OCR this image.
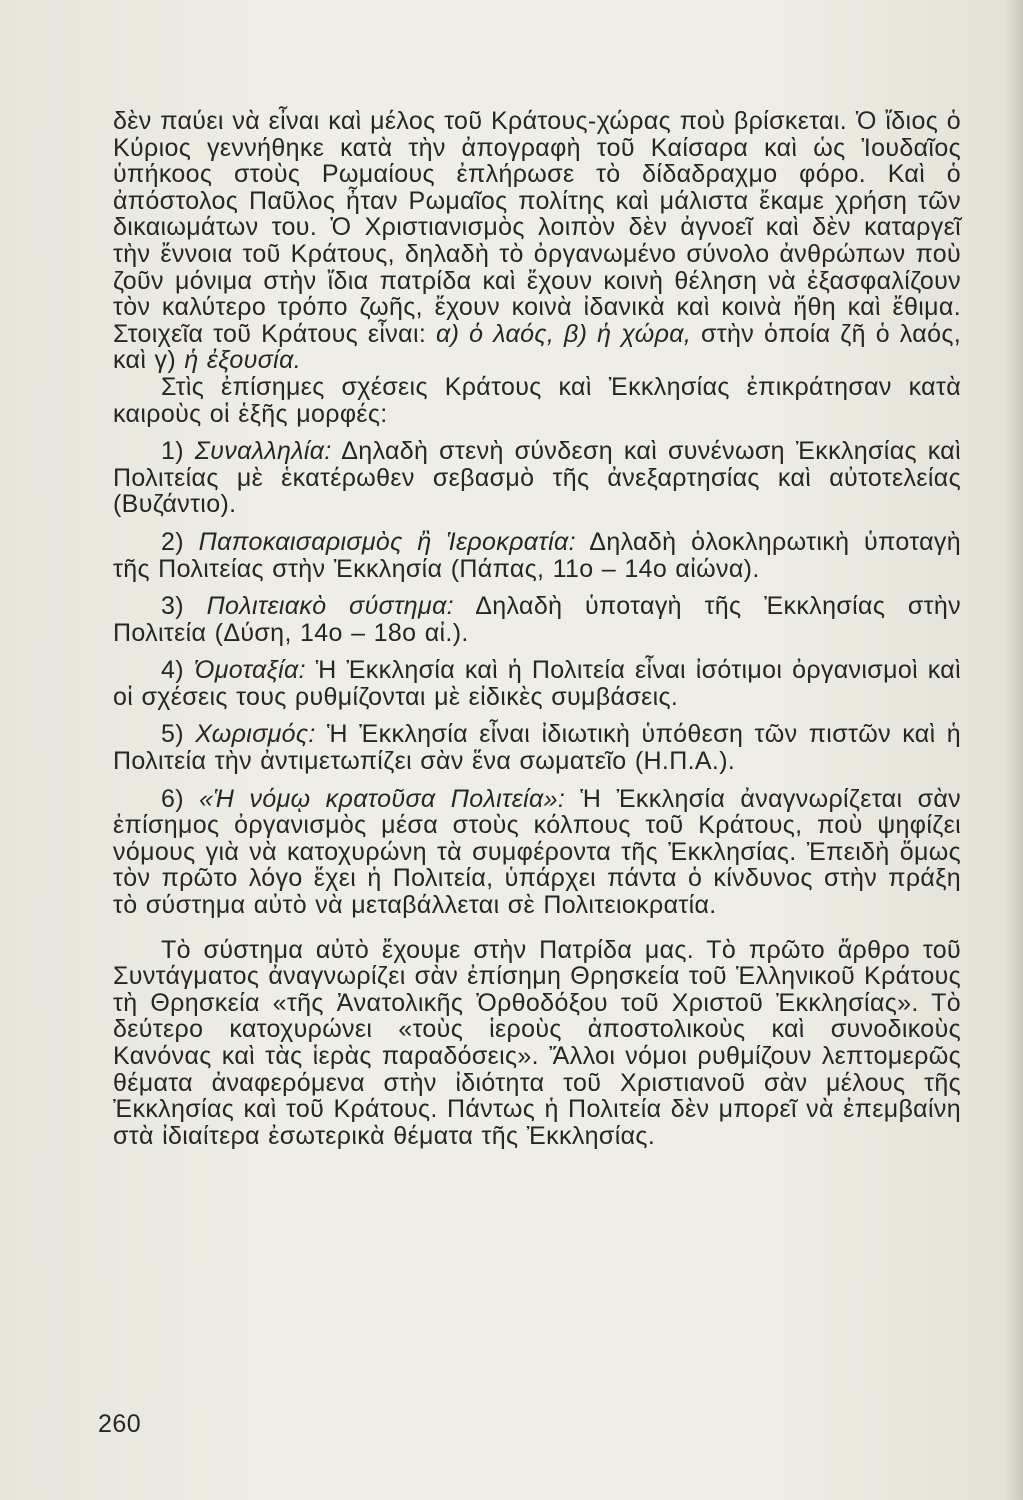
δὲν παύει νὰ εἶναι καὶ μέλος τοῦ Κράτους-χώρας ποὺ βρίσκεται. Ὁ ἴδιος ὁ Κύριος γεννήθηκε κατὰ τὴν ἀπογραφὴ τοῦ Καίσαρα καὶ ὡς Ἰουδαῖος ὑπήκοος στοὺς Ρωμαίους ἐπλήρωσε τὸ δίδαδραχμο φόρο. Καὶ ὁ ἀπόστολος Παῦλος ἦταν Ρωμαῖος πολίτης καὶ μάλιστα ἔκαμε χρήση τῶν δικαιωμάτων του. Ὁ Χριστιανισμὸς λοιπὸν δὲν ἀγνοεῖ καὶ δὲν καταργεῖ τὴν ἔννοια τοῦ Κράτους, δηλαδὴ τὸ ὀργανωμένο σύνολο ἀνθρώπων ποὺ ζοῦν μόνιμα στὴν ἴδια πατρίδα καὶ ἔχουν κοινὴ θέληση νὰ ἐξασφαλίζουν τὸν καλύτερο τρόπο ζωῆς, ἔχουν κοινὰ ἰδανικὰ καὶ κοινὰ ἤθη καὶ ἔθιμα. Στοιχεῖα τοῦ Κράτους εἶναι: α) ὁ λαός, β) ἡ χώρα, στὴν ὁποία ζῆ ὁ λαός, καὶ γ) ἡ ἐξουσία.

Στὶς ἐπίσημες σχέσεις Κράτους καὶ Ἐκκλησίας ἐπικράτησαν κατὰ καιροὺς οἱ ἑξῆς μορφές:

1) Συναλληλία: Δηλαδὴ στενὴ σύνδεση καὶ συνένωση Ἐκκλησίας καὶ Πολιτείας μὲ ἑκατέρωθεν σεβασμὸ τῆς ἀνεξαρτησίας καὶ αὐτοτελείας (Βυζάντιο).

2) Παποκαισαρισμὸς ἢ Ἱεροκρατία: Δηλαδὴ ὁλοκληρωτικὴ ὑποταγὴ τῆς Πολιτείας στὴν Ἐκκλησία (Πάπας, 11ο – 14ο αἰώνα).

3) Πολιτειακὸ σύστημα: Δηλαδὴ ὑποταγὴ τῆς Ἐκκλησίας στὴν Πολιτεία (Δύση, 14ο – 18ο αἰ.).

4) Ὁμοταξία: Ἡ Ἐκκλησία καὶ ἡ Πολιτεία εἶναι ἰσότιμοι ὀργανισμοὶ καὶ οἱ σχέσεις τους ρυθμίζονται μὲ εἰδικὲς συμβάσεις.

5) Χωρισμός: Ἡ Ἐκκλησία εἶναι ἰδιωτικὴ ὑπόθεση τῶν πιστῶν καὶ ἡ Πολιτεία τὴν ἀντιμετωπίζει σὰν ἕνα σωματεῖο (Η.Π.Α.).

6) «Ἡ νόμῳ κρατοῦσα Πολιτεία»: Ἡ Ἐκκλησία ἀναγνωρίζεται σὰν ἐπίσημος ὀργανισμὸς μέσα στοὺς κόλπους τοῦ Κράτους, ποὺ ψηφίζει νόμους γιὰ νὰ κατοχυρώνη τὰ συμφέροντα τῆς Ἐκκλησίας. Ἐπειδὴ ὅμως τὸν πρῶτο λόγο ἔχει ἡ Πολιτεία, ὑπάρχει πάντα ὁ κίνδυνος στὴν πράξη τὸ σύστημα αὐτὸ νὰ μεταβάλλεται σὲ Πολιτειοκρατία.

Τὸ σύστημα αὐτὸ ἔχουμε στὴν Πατρίδα μας. Τὸ πρῶτο ἄρθρο τοῦ Συντάγματος ἀναγνωρίζει σὰν ἐπίσημη Θρησκεία τοῦ Ἑλληνικοῦ Κράτους τὴ Θρησκεία «τῆς Ἀνατολικῆς Ὀρθοδόξου τοῦ Χριστοῦ Ἐκκλησίας». Τὸ δεύτερο κατοχυρώνει «τοὺς ἱεροὺς ἀποστολικοὺς καὶ συνοδικοὺς Κανόνας καὶ τὰς ἱερὰς παραδόσεις». Ἄλλοι νόμοι ρυθμίζουν λεπτομερῶς θέματα ἀναφερόμενα στὴν ἰδιότητα τοῦ Χριστιανοῦ σὰν μέλους τῆς Ἐκκλησίας καὶ τοῦ Κράτους. Πάντως ἡ Πολιτεία δὲν μπορεῖ νὰ ἐπεμβαίνη στὰ ἰδιαίτερα ἐσωτερικὰ θέματα τῆς Ἐκκλησίας.

260
